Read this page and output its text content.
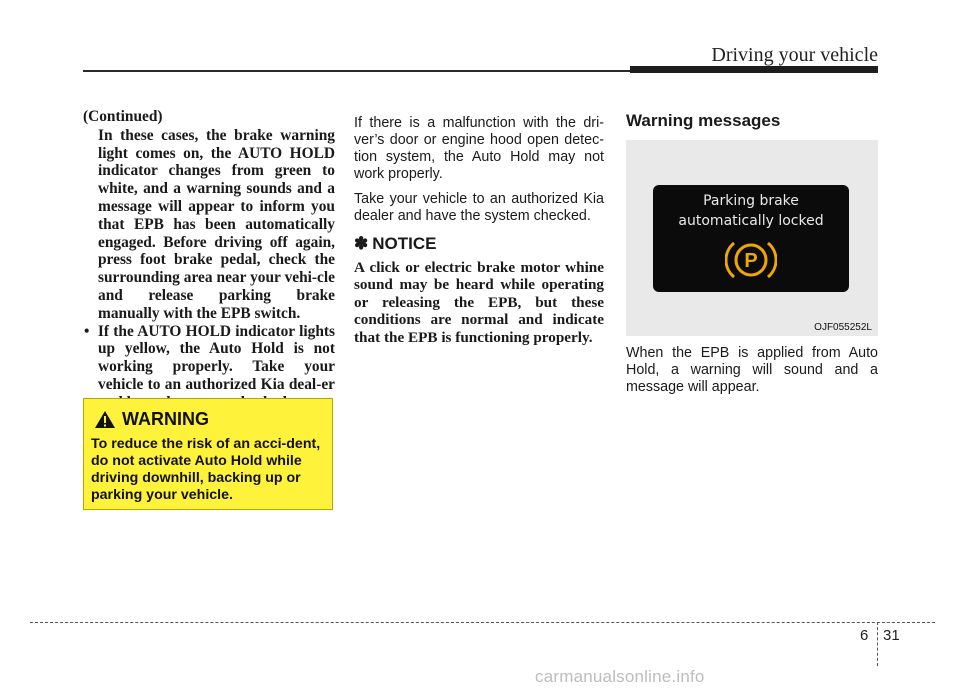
Driving your vehicle

(Continued)

In these cases, the brake warning light comes on, the AUTO HOLD indicator changes from green to white, and a warning sounds and a message will appear to inform you that EPB has been automatically engaged. Before driving off again, press foot brake pedal, check the surrounding area near your vehi-cle and release parking brake manually with the EPB switch.

• If the AUTO HOLD indicator lights up yellow, the Auto Hold is not working properly. Take your vehicle to an authorized Kia deal-er

WARNING
To reduce the risk of an acci-dent, do not activate Auto Hold while driving downhill, backing up or parking your vehicle.

If there is a malfunction with the dri-ver’s door or engine hood open detec-tion system, the Auto Hold may not work properly.

Take your vehicle to an authorized Kia dealer and have the system checked.

✽ NOTICE
A click or electric brake motor whine sound may be heard while operating or releasing the EPB, but these conditions are normal and indicate that the EPB is functioning properly.
Warning messages
Parking brake
automatically locked
P
OJF055252L
When the EPB is applied from Auto Hold, a warning will sound and a message will appear.
6 31
carmanualsonline.info
